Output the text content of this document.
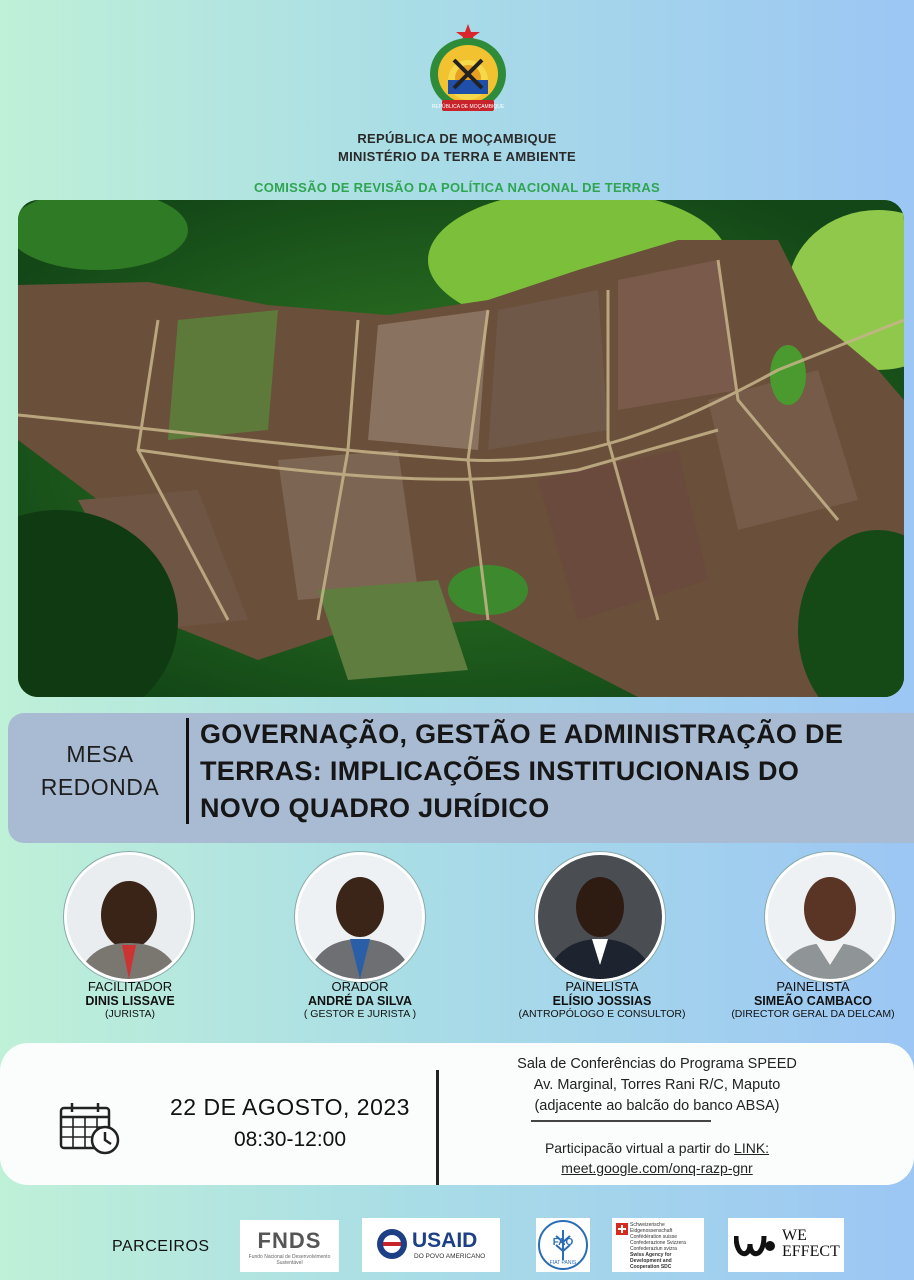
REPÚBLICA DE MOÇAMBIQUE
REPÚBLICA DE MOÇAMBIQUE
MINISTÉRIO DA TERRA E AMBIENTE
COMISSÃO DE REVISÃO DA POLÍTICA NACIONAL DE TERRAS
MESA
REDONDA
GOVERNAÇÃO, GESTÃO E ADMINISTRAÇÃO DE
TERRAS: IMPLICAÇÕES INSTITUCIONAIS DO
NOVO QUADRO JURÍDICO
FACILITADOR
DINIS LISSAVE
(JURISTA)
ORADOR
ANDRÉ DA SILVA
( GESTOR E JURISTA )
PAINELISTA
ELÍSIO JOSSIAS
(ANTROPÓLOGO E CONSULTOR)
PAINELISTA
SIMEÃO CAMBACO
(DIRECTOR GERAL DA DELCAM)
22 DE AGOSTO, 2023
08:30-12:00
Sala de Conferências do Programa SPEED
Av. Marginal, Torres Rani R/C, Maputo
(adjacente ao balcão do banco ABSA)
Participacão virtual a partir do LINK:
meet.google.com/onq-razp-gnr
PARCEIROS	FNDS
Fundo Nacional de Desenvolvimento Sustentável
USAID
DO POVO AMERICANO
FAO
FIAT PANIS
Schweizerische Eidgenossenschaft
Confédération suisse
Confederazione Svizzera
Confederaziun svizra
Swiss Agency for Development and Cooperation SDC
WE
EFFECT
